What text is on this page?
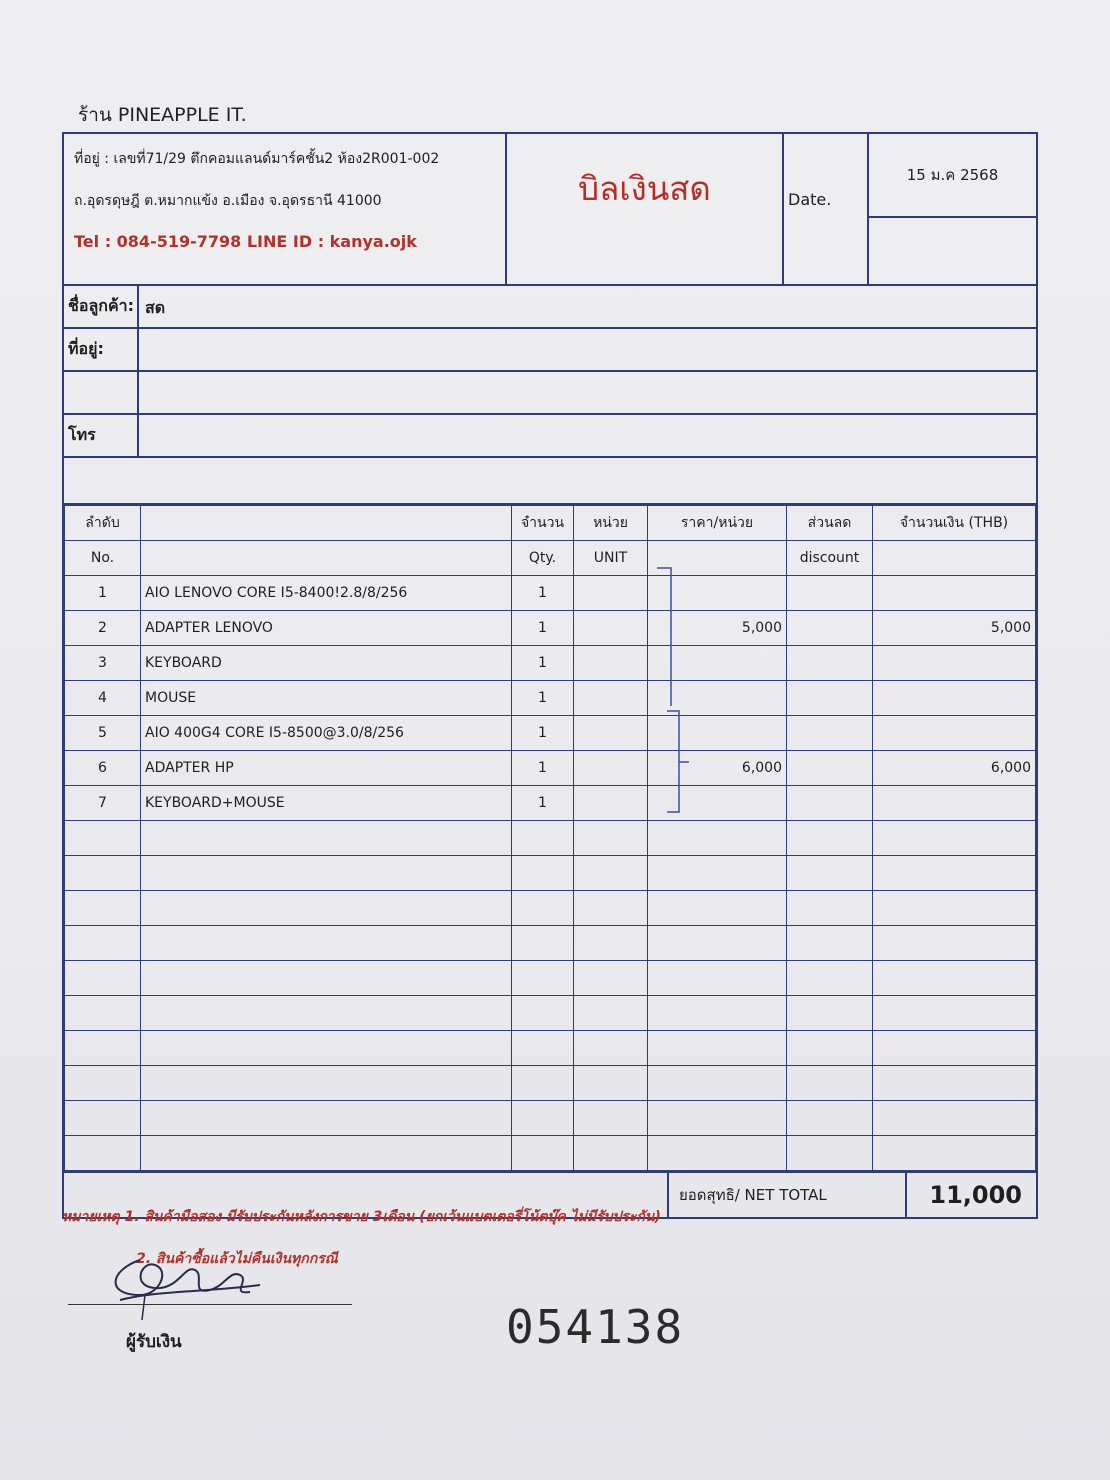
ร้าน PINEAPPLE IT.
ที่อยู่ : เลขที่71/29 ตึกคอมแลนด์มาร์คชั้น2 ห้อง2R001-002
ถ.อุดรดุษฎี ต.หมากแข้ง อ.เมือง จ.อุดรธานี 41000
Tel : 084-519-7798 LINE ID : kanya.ojk
บิลเงินสด	Date.
15 ม.ค 2568
ชื่อลูกค้า: สด
ที่อยู่:
โทร
ลำดับ		จำนวน	หน่วย	ราคา/หน่วย	ส่วนลด	จำนวนเงิน (THB)
No.		Qty.	UNIT		discount	
1	AIO LENOVO CORE I5-8400!2.8/8/256	1				
2	ADAPTER LENOVO	1		5,000		5,000
3	KEYBOARD	1				
4	MOUSE	1				
5	AIO 400G4 CORE I5-8500@3.0/8/256	1				
6	ADAPTER HP	1		6,000		6,000
7	KEYBOARD+MOUSE	1				

ยอดสุทธิ/ NET TOTAL	11,000
หมายเหตุ 1. สินค้ามือสอง มีรับประกันหลังการขาย 3เดือน (ยกเว้นแบตเตอรี่โน้ตบุ๊ค ไม่มีรับประกัน)
2. สินค้าซื้อแล้วไม่คืนเงินทุกกรณี
ผู้รับเงิน	054138
